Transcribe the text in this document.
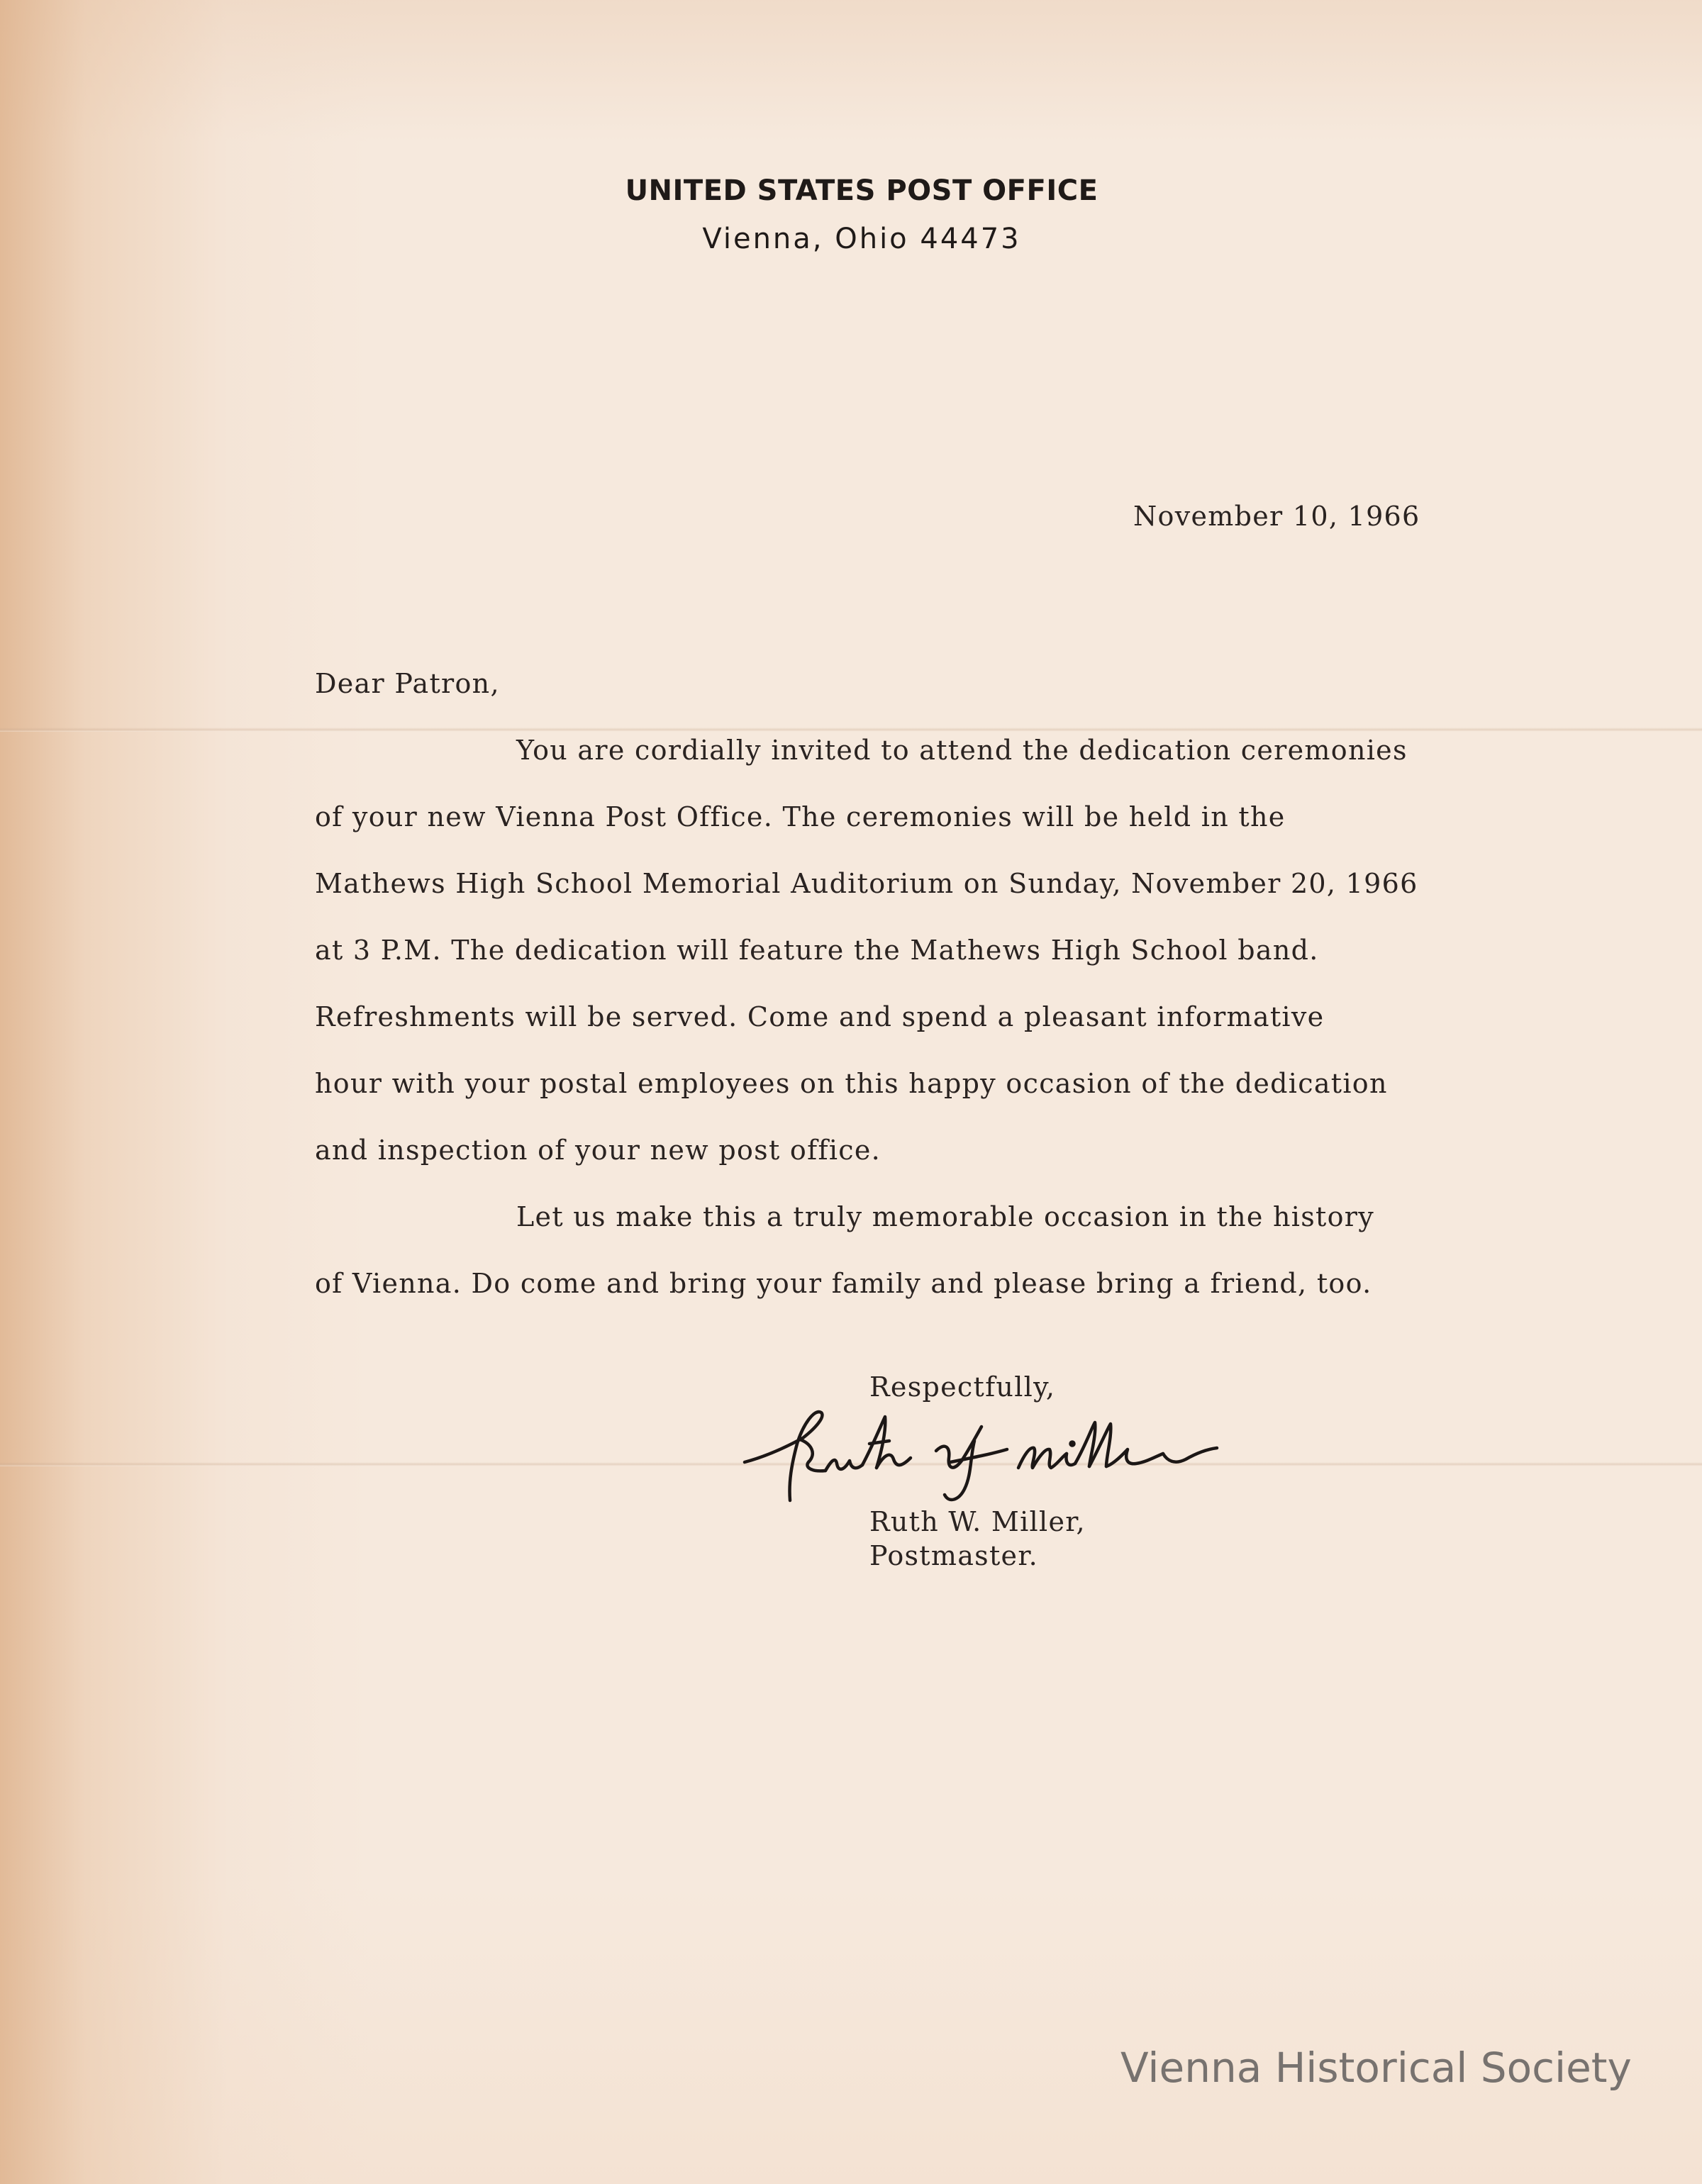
UNITED STATES POST OFFICE
Vienna, Ohio 44473
November 10, 1966
Dear Patron,
You are cordially invited to attend the dedication ceremonies
of your new Vienna Post Office. The ceremonies will be held in the
Mathews High School Memorial Auditorium on Sunday, November 20, 1966
at 3 P.M. The dedication will feature the Mathews High School band.
Refreshments will be served. Come and spend a pleasant informative
hour with your postal employees on this happy occasion of the dedication
and inspection of your new post office.
Let us make this a truly memorable occasion in the history
of Vienna. Do come and bring your family and please bring a friend, too.
Respectfully,
Ruth W. Miller,
Postmaster.
Vienna Historical Society
